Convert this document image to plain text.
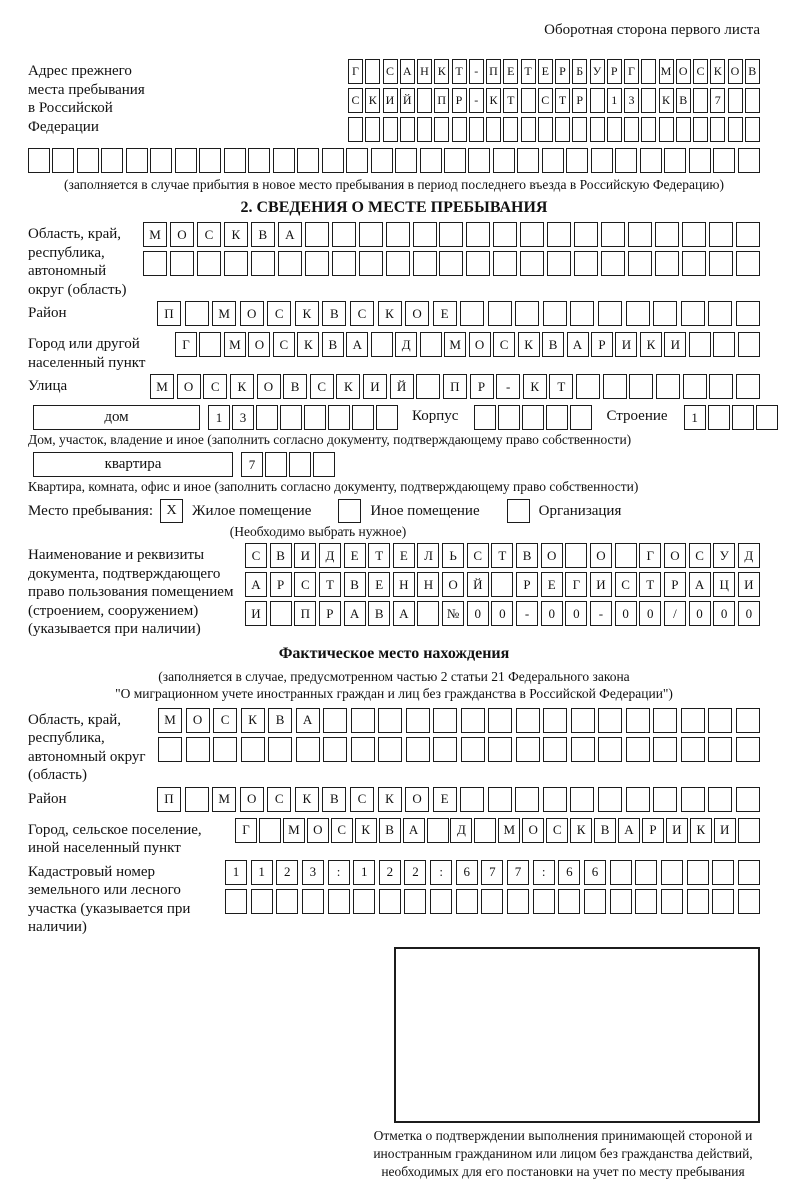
Оборотная сторона первого листа
Адрес прежнего места пребывания в Российской Федерации
Г	С А Н К Т - П Е Т Е Р Б У Р Г	М О С К О В
С К И Й П Р - К Т	С Т Р	1 3	К В	7
(заполняется в случае прибытия в новое место пребывания в период последнего въезда в Российскую Федерацию)
2. СВЕДЕНИЯ О МЕСТЕ ПРЕБЫВАНИЯ
Область, край, республика, автономный округ (область)
М	О	С	К	В	А
Район	П	М	О	С	К	В	С	К	О	Е
Город или другой населенный пункт
Г	М	О	С	К	В	А	Д	М	О	С	К	В	А	Р	И	К	И
Улица	М	О	С	К	О	В	С	К	И	Й	П	Р	-	К	Т
дом	1	3	Корпус	Строение	1
Дом, участок, владение и иное (заполнить согласно документу, подтверждающему право собственности)
квартира	7
Квартира, комната, офис и иное (заполнить согласно документу, подтверждающему право собственности)
Место пребывания: X	Жилое помещение	Иное помещение	Организация
(Необходимо выбрать нужное)
Наименование и реквизиты документа, подтверждающего право пользования помещением (строением, сооружением) (указывается при наличии)
С	В	И	Д	Е	Т	Е	Л	Ь	С	Т	В	О	О	Г	О	С	У	Д
А	Р	С	Т	В	Е	Н	Н	О	Й	Р	Е	Г	И	С	Т	Р	А	Ц	И
И	П	Р	А	В	А	№	0	0	-	0	0	-	0	0	/	0	0	0
Фактическое место нахождения
(заполняется в случае, предусмотренном частью 2 статьи 21 Федерального закона
"О миграционном учете иностранных граждан и лиц без гражданства в Российской Федерации")
Область, край, республика, автономный округ (область)
М	О	С	К	В	А
Район	П	М	О	С	К	В	С	К	О	Е
Город, сельское поселение, иной населенный пункт
Г	М	О	С	К	В	А	Д	М	О	С	К	В	А	Р	И	К	И
Кадастровый номер земельного или лесного участка (указывается при наличии)
1	1	2	3	:	1	2	2	:	6	7	7	:	6	6
Отметка о подтверждении выполнения принимающей стороной и иностранным гражданином или лицом без гражданства действий, необходимых для его постановки на учет по месту пребывания
